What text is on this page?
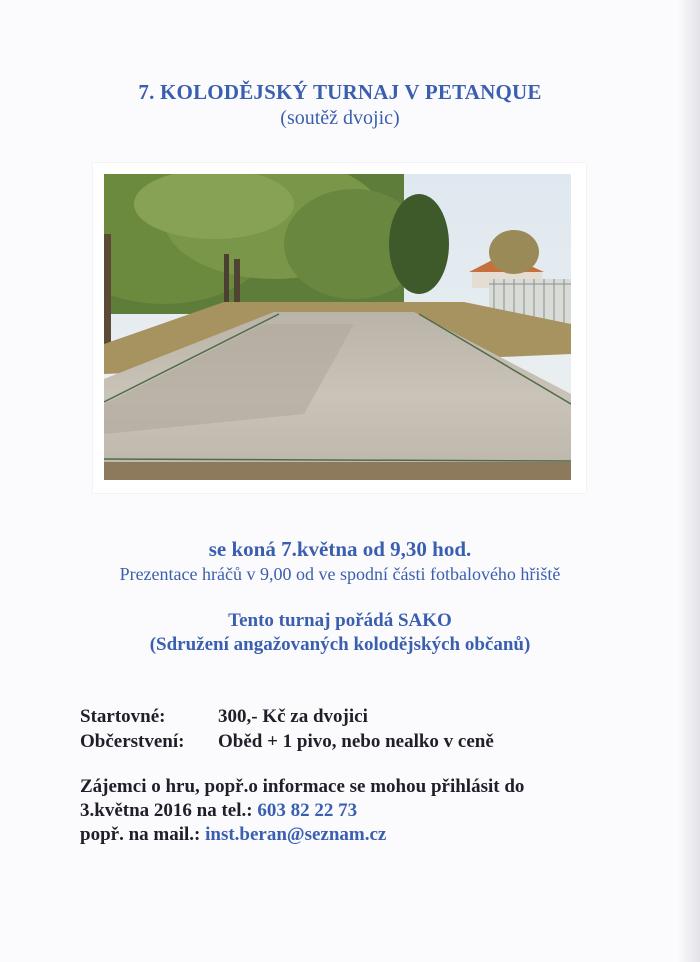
7. KOLODĚJSKÝ TURNAJ V PETANQUE
(soutěž dvojic)
se koná 7.května od 9,30 hod.
Prezentace hráčů v 9,00 od ve spodní části fotbalového hřiště
Tento turnaj pořádá SAKO
(Sdružení angažovaných kolodějských občanů)
Startovné:	300,- Kč za dvojici
Občerstvení: Oběd + 1 pivo, nebo nealko v ceně
Zájemci o hru, popř.o informace se mohou přihlásit do
3.května 2016 na tel.: 603 82 22 73
popř. na mail.: inst.beran@seznam.cz
